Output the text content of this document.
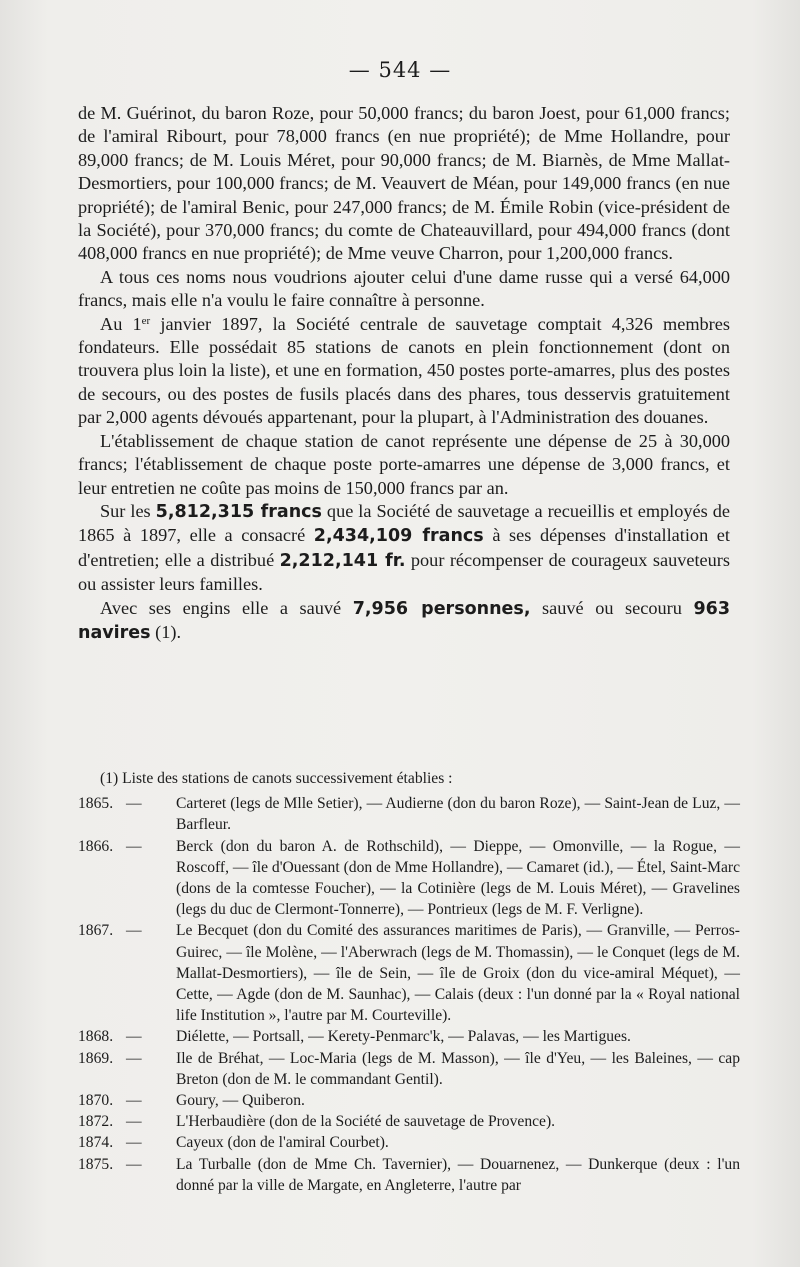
— 544 —

de M. Guérinot, du baron Roze, pour 50,000 francs; du baron Joest, pour 61,000 francs; de l'amiral Ribourt, pour 78,000 francs (en nue propriété); de Mme Hollandre, pour 89,000 francs; de M. Louis Méret, pour 90,000 francs; de M. Biarnès, de Mme Mallat-Desmortiers, pour 100,000 francs; de M. Veauvert de Méan, pour 149,000 francs (en nue propriété); de l'amiral Benic, pour 247,000 francs; de M. Émile Robin (vice-président de la Société), pour 370,000 francs; du comte de Chateauvillard, pour 494,000 francs (dont 408,000 francs en nue propriété); de Mme veuve Charron, pour 1,200,000 francs.

A tous ces noms nous voudrions ajouter celui d'une dame russe qui a versé 64,000 francs, mais elle n'a voulu le faire connaître à personne.

Au 1er janvier 1897, la Société centrale de sauvetage comptait 4,326 membres fondateurs. Elle possédait 85 stations de canots en plein fonctionnement (dont on trouvera plus loin la liste), et une en formation, 450 postes porte-amarres, plus des postes de secours, ou des postes de fusils placés dans des phares, tous desservis gratuitement par 2,000 agents dévoués appartenant, pour la plupart, à l'Administration des douanes.

L'établissement de chaque station de canot représente une dépense de 25 à 30,000 francs; l'établissement de chaque poste porte-amarres une dépense de 3,000 francs, et leur entretien ne coûte pas moins de 150,000 francs par an.

Sur les 5,812,315 francs que la Société de sauvetage a recueillis et employés de 1865 à 1897, elle a consacré 2,434,109 francs à ses dépenses d'installation et d'entretien; elle a distribué 2,212,141 fr. pour récompenser de courageux sauveteurs ou assister leurs familles.

Avec ses engins elle a sauvé 7,956 personnes, sauvé ou secouru 963 navires (1).

(1) Liste des stations de canots successivement établies :

1865. —	Carteret (legs de Mlle Setier), — Audierne (don du baron Roze), — Saint-Jean de Luz, — Barfleur.
1866. —	Berck (don du baron A. de Rothschild), — Dieppe, — Omonville, — la Rogue, — Roscoff, — île d'Ouessant (don de Mme Hollandre), — Camaret (id.), — Étel, Saint-Marc (dons de la comtesse Foucher), — la Cotinière (legs de M. Louis Méret), — Gravelines (legs du duc de Clermont-Tonnerre), — Pontrieux (legs de M. F. Verligne).
1867. —	Le Becquet (don du Comité des assurances maritimes de Paris), — Granville, — Perros-Guirec, — île Molène, — l'Aberwrach (legs de M. Thomassin), — le Conquet (legs de M. Mallat-Desmortiers), — île de Sein, — île de Groix (don du vice-amiral Méquet), — Cette, — Agde (don de M. Saunhac), — Calais (deux : l'un donné par la « Royal national life Institution », l'autre par M. Courteville).
1868. —	Diélette, — Portsall, — Kerety-Penmarc'k, — Palavas, — les Martigues.
1869. —	Ile de Bréhat, — Loc-Maria (legs de M. Masson), — île d'Yeu, — les Baleines, — cap Breton (don de M. le commandant Gentil).
1870. —	Goury, — Quiberon.
1872. —	L'Herbaudière (don de la Société de sauvetage de Provence).
1874. —	Cayeux (don de l'amiral Courbet).
1875. —	La Turballe (don de Mme Ch. Tavernier), — Douarnenez, — Dunkerque (deux : l'un donné par la ville de Margate, en Angleterre, l'autre par
